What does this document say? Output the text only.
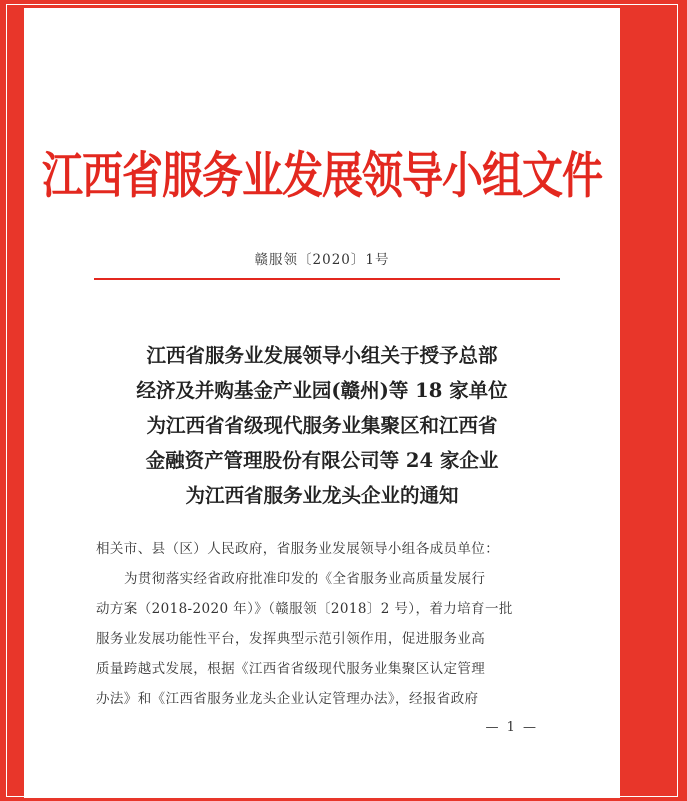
江西省服务业发展领导小组文件
赣服领〔2020〕1号
江西省服务业发展领导小组关于授予总部
经济及并购基金产业园(赣州)等 18 家单位
为江西省省级现代服务业集聚区和江西省
金融资产管理股份有限公司等 24 家企业
为江西省服务业龙头企业的通知
相关市、县（区）人民政府，省服务业发展领导小组各成员单位：
为贯彻落实经省政府批准印发的《全省服务业高质量发展行
动方案（2018-2020 年）》（赣服领〔2018〕2 号），着力培育一批
服务业发展功能性平台，发挥典型示范引领作用，促进服务业高
质量跨越式发展，根据《江西省省级现代服务业集聚区认定管理
办法》和《江西省服务业龙头企业认定管理办法》，经报省政府
— 1 —
